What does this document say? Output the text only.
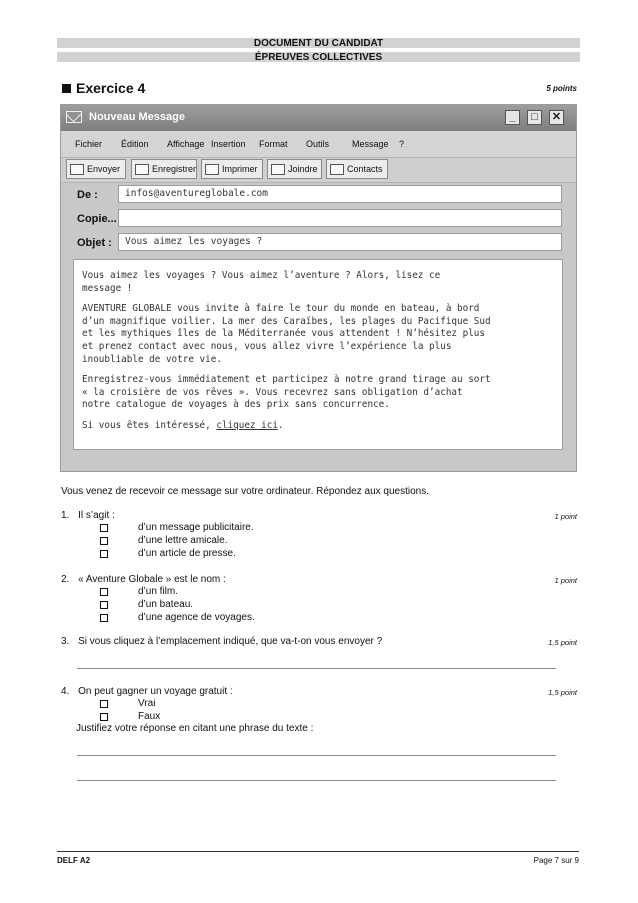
DOCUMENT DU CANDIDAT
ÉPREUVES COLLECTIVES
Exercice 4	5 points
Nouveau Message	_	□	✕
Fichier Édition Affichage Insertion Format Outils	Message ?
Envoyer	Enregistrer	Imprimer	Joindre	Contacts
De :	infos@aventureglobale.com
Copie...
Objet :	Vous aimez les voyages ?

Vous aimez les voyages ? Vous aimez l’aventure ? Alors, lisez ce
message !

AVENTURE GLOBALE vous invite à faire le tour du monde en bateau, à bord
d’un magnifique voilier. La mer des Caraïbes, les plages du Pacifique Sud
et les mythiques îles de la Méditerranée vous attendent ! N’hésitez plus
et prenez contact avec nous, vous allez vivre l’expérience la plus
inoubliable de votre vie.

Enregistrez-vous immédiatement et participez à notre grand tirage au sort
« la croisière de vos rêves ». Vous recevrez sans obligation d’achat
notre catalogue de voyages à des prix sans concurrence.

Si vous êtes intéressé, cliquez ici.

Vous venez de recevoir ce message sur votre ordinateur. Répondez aux questions.
1. Il s’agit :	1 point
d’un message publicitaire.
d’une lettre amicale.
d’un article de presse.
2. « Aventure Globale » est le nom :	1 point
d’un film.
d’un bateau.
d’une agence de voyages.
3. Si vous cliquez à l’emplacement indiqué, que va-t-on vous envoyer ?	1,5 point
4. On peut gagner un voyage gratuit :	1,5 point
Vrai
Faux
Justifiez votre réponse en citant une phrase du texte :
DELF A2	Page 7 sur 9
